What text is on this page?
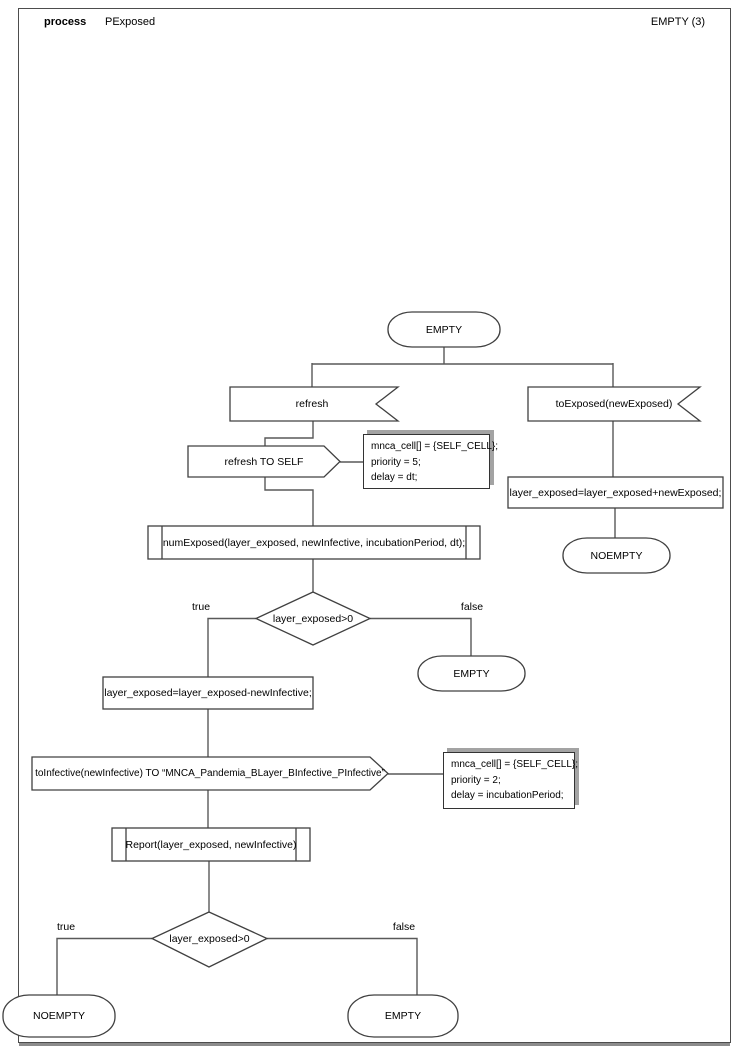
process PExposed	EMPTY (3)
EMPTY
refresh	toExposed(newExposed)
refresh TO SELF
layer_exposed=layer_exposed+newExposed;
NOEMPTY
numExposed(layer_exposed, newInfective, incubationPeriod, dt);
layer_exposed>0
true	false
EMPTY
layer_exposed=layer_exposed-newInfective;
toInfective(newInfective) TO “MNCA_Pandemia_BLayer_BInfective_PInfective”
Report(layer_exposed, newInfective)
layer_exposed>0
true	false
NOEMPTY	EMPTY
mnca_cell[] = {SELF_CELL};
priority = 5;
delay = dt;
mnca_cell[] = {SELF_CELL};
priority = 2;
delay = incubationPeriod;
